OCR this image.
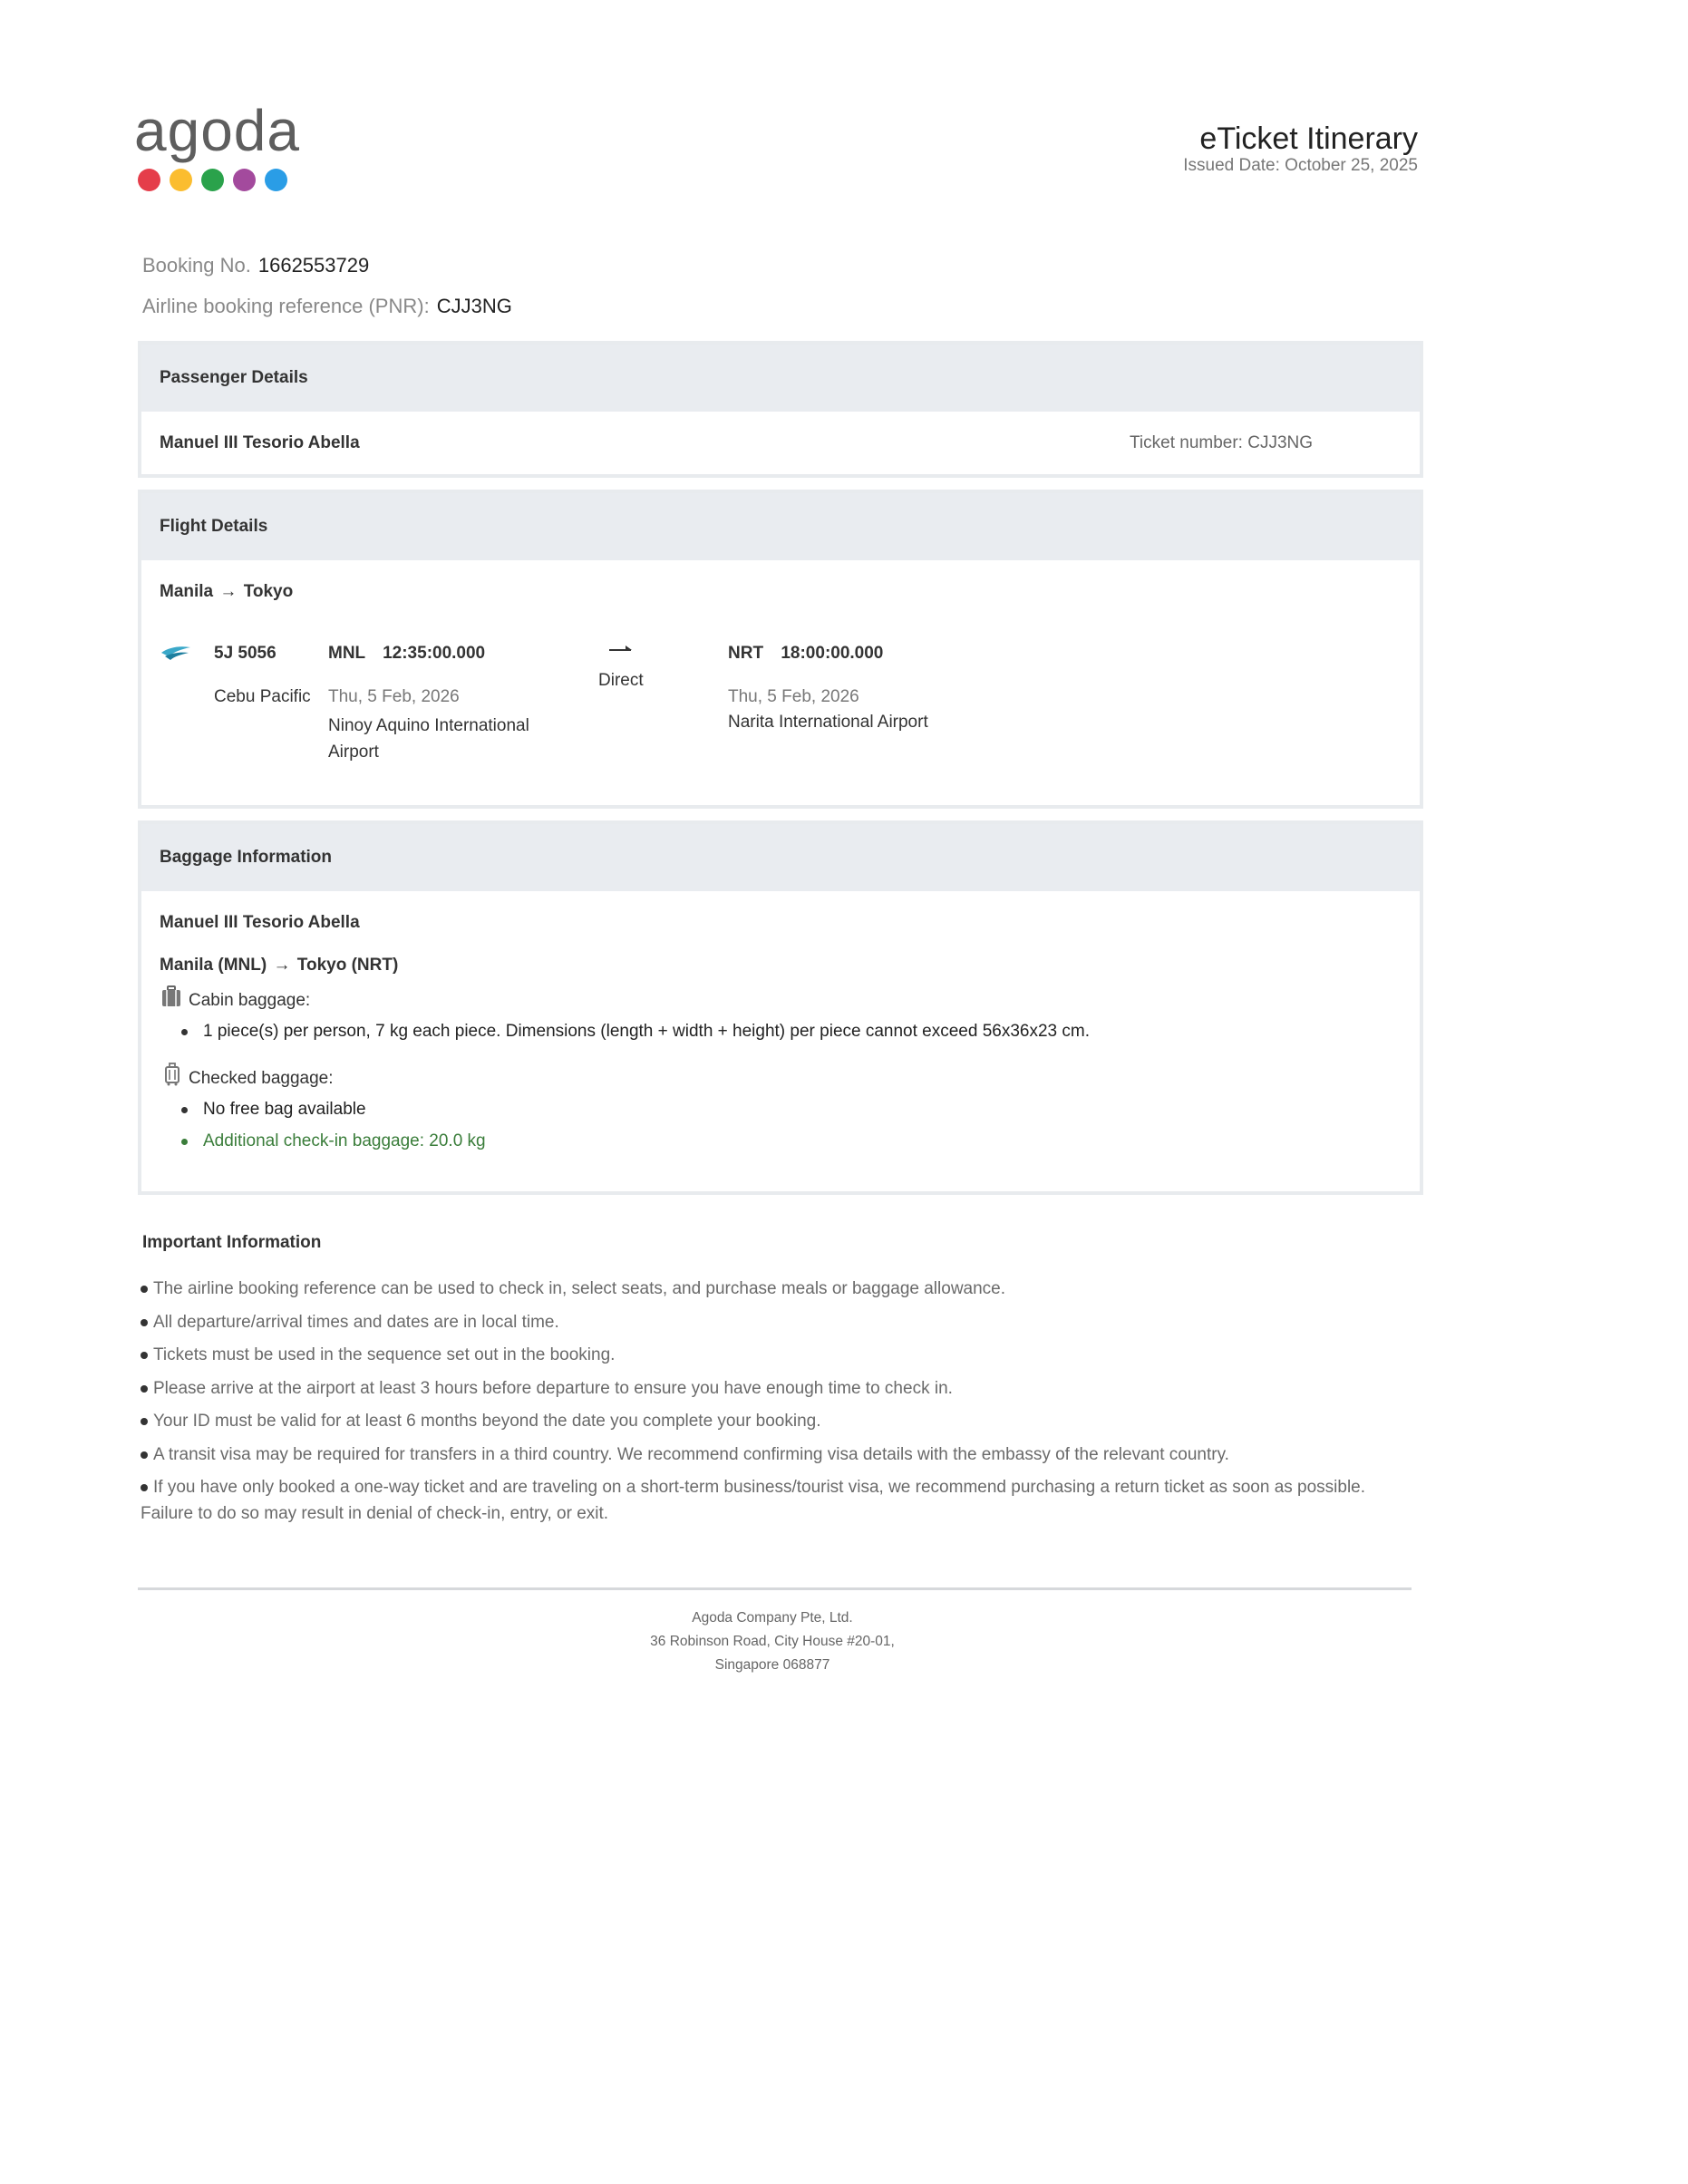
agoda	eTicket Itinerary
Issued Date: October 25, 2025
Booking No. 1662553729
Airline booking reference (PNR): CJJ3NG
Passenger Details
Manuel III Tesorio Abella	Ticket number: CJJ3NG
Flight Details
Manila → Tokyo
5J 5056
Cebu Pacific
MNL 12:35:00.000
Thu, 5 Feb, 2026
Ninoy Aquino International
Airport
Direct
NRT 18:00:00.000
Thu, 5 Feb, 2026
Narita International Airport
Baggage Information
Manuel III Tesorio Abella
Manila (MNL) → Tokyo (NRT)
Cabin baggage:
1 piece(s) per person, 7 kg each piece. Dimensions (length + width + height) per piece cannot exceed 56x36x23 cm.
Checked baggage:
No free bag available
Additional check-in baggage: 20.0 kg
Important Information
The airline booking reference can be used to check in, select seats, and purchase meals or baggage allowance.
All departure/arrival times and dates are in local time.
Tickets must be used in the sequence set out in the booking.
Please arrive at the airport at least 3 hours before departure to ensure you have enough time to check in.
Your ID must be valid for at least 6 months beyond the date you complete your booking.
A transit visa may be required for transfers in a third country. We recommend confirming visa details with the embassy of the relevant country.
If you have only booked a one-way ticket and are traveling on a short-term business/tourist visa, we recommend purchasing a return ticket as soon as possible.
Failure to do so may result in denial of check-in, entry, or exit.
Agoda Company Pte, Ltd.
36 Robinson Road, City House #20-01,
Singapore 068877
